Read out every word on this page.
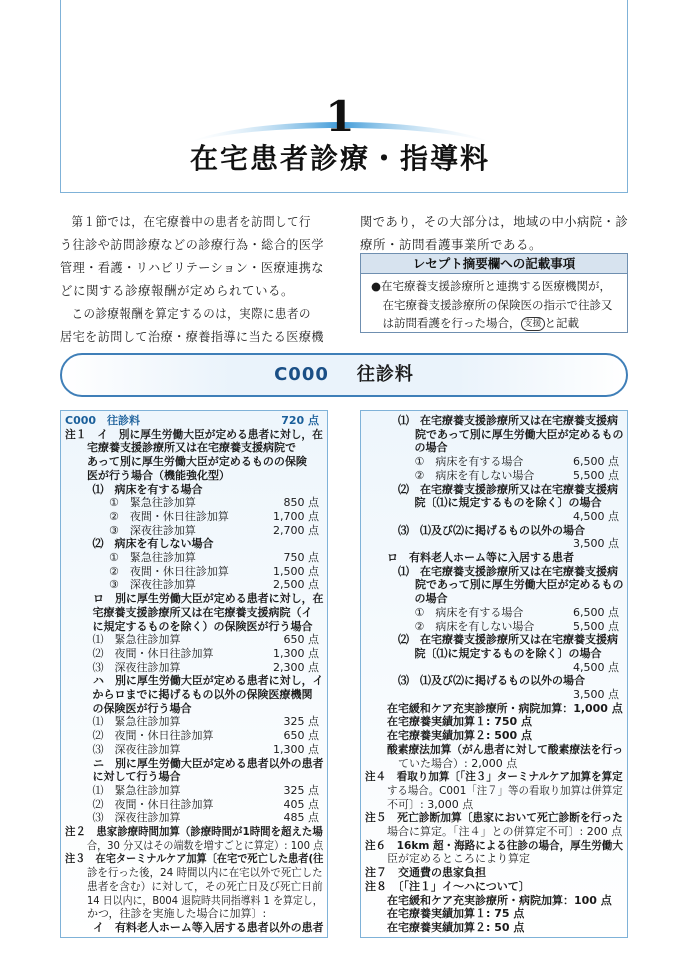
1
在宅患者診療・指導料

第１節では，在宅療養中の患者を訪問して行

う往診や訪問診療などの診療行為・総合的医学
管理・看護・リハビリテーション・医療連携な
どに関する診療報酬が定められている。

この診療報酬を算定するのは，実際に患者の

居宅を訪問して治療・療養指導に当たる医療機
関であり，その大部分は，地域の中小病院・診
療所・訪問看護事業所である。
レセプト摘要欄への記載事項
●在宅療養支援診療所と連携する医療機関が，
在宅療養支援診療所の保険医の指示で往診又
は訪問看護を行った場合， 支援 と記載
C000 往診料
C000　往診料	720 点
注１　イ　別に厚生労働大臣が定める患者に対し，在
宅療養支援診療所又は在宅療養支援病院で
あって別に厚生労働大臣が定めるものの保険
医が行う場合（機能強化型）
⑴　病床を有する場合
①　緊急往診加算	850 点
②　夜間・休日往診加算	1,700 点
③　深夜往診加算	2,700 点
⑵　病床を有しない場合
①　緊急往診加算	750 点
②　夜間・休日往診加算	1,500 点
③　深夜往診加算	2,500 点
ロ　別に厚生労働大臣が定める患者に対し，在
宅療養支援診療所又は在宅療養支援病院（イ
に規定するものを除く）の保険医が行う場合
⑴　緊急往診加算	650 点
⑵　夜間・休日往診加算	1,300 点
⑶　深夜往診加算	2,300 点
ハ　別に厚生労働大臣が定める患者に対し，イ
からロまでに掲げるもの以外の保険医療機関
の保険医が行う場合
⑴　緊急往診加算	325 点
⑵　夜間・休日往診加算	650 点
⑶　深夜往診加算	1,300 点
ニ　別に厚生労働大臣が定める患者以外の患者
に対して行う場合
⑴　緊急往診加算	325 点
⑵　夜間・休日往診加算	405 点
⑶　深夜往診加算	485 点
注２　患家診療時間加算（診療時間が1時間を超えた場
合，30 分又はその端数を増すごとに算定）: 100 点
注３　在宅ターミナルケア加算〔在宅で死亡した患者(往
診を行った後，24 時間以内に在宅以外で死亡した
患者を含む）に対して，その死亡日及び死亡日前
14 日以内に，B004 退院時共同指導料 1 を算定し，
かつ，往診を実施した場合に加算〕:
イ　有料老人ホーム等入居する患者以外の患者
⑴　在宅療養支援診療所又は在宅療養支援病
院であって別に厚生労働大臣が定めるもの
の場合
①　病床を有する場合	6,500 点
②　病床を有しない場合	5,500 点
⑵　在宅療養支援診療所又は在宅療養支援病
院〔⑴に規定するものを除く〕の場合
4,500 点
⑶　⑴及び⑵に掲げるもの以外の場合
3,500 点
ロ　有料老人ホーム等に入居する患者
⑴　在宅療養支援診療所又は在宅療養支援病
院であって別に厚生労働大臣が定めるもの
の場合
①　病床を有する場合	6,500 点
②　病床を有しない場合	5,500 点
⑵　在宅療養支援診療所又は在宅療養支援病
院〔⑴に規定するものを除く〕の場合
4,500 点
⑶　⑴及び⑵に掲げるもの以外の場合
3,500 点
在宅緩和ケア充実診療所・病院加算：1,000 点
在宅療養実績加算１: 750 点
在宅療養実績加算２: 500 点
酸素療法加算（がん患者に対して酸素療法を行っ
ていた場合）: 2,000 点
注４　看取り加算〔「注３」ターミナルケア加算を算定
する場合。C001「注７」等の看取り加算は併算定
不可〕: 3,000 点
注５　死亡診断加算〔患家において死亡診断を行った
場合に算定。「注４」との併算定不可〕: 200 点
注６　16km 超・海路による往診の場合，厚生労働大
臣が定めるところにより算定
注７　交通費の患家負担
注８　〔「注１」イ～ハについて〕
在宅緩和ケア充実診療所・病院加算：100 点
在宅療養実績加算１: 75 点
在宅療養実績加算２: 50 点
